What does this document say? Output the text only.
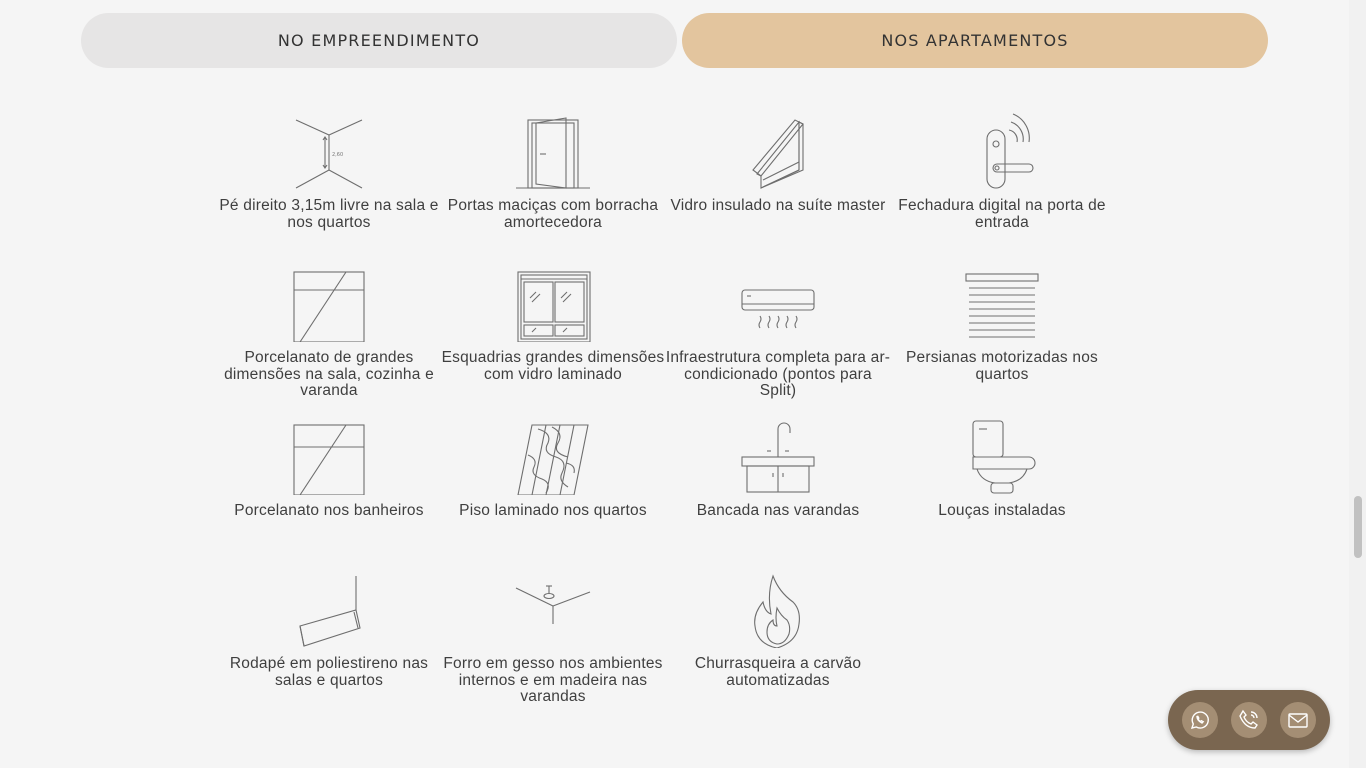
NO EMPREENDIMENTO	NOS APARTAMENTOS
2,60
Pé direito 3,15m livre na sala e nos quartos
Portas maciças com borracha amortecedora
Vidro insulado na suíte master Fechadura digital na porta de entrada
Porcelanato de grandes dimensões na sala, cozinha e varanda
Esquadrias grandes dimensões com vidro laminado
Infraestrutura completa para ar-condicionado (pontos para Split)
Persianas motorizadas nos quartos
Porcelanato nos banheiros	Piso laminado nos quartos	Bancada nas varandas	Louças instaladas
Rodapé em poliestireno nas salas e quartos
Forro em gesso nos ambientes internos e em madeira nas varandas
Churrasqueira a carvão automatizadas
